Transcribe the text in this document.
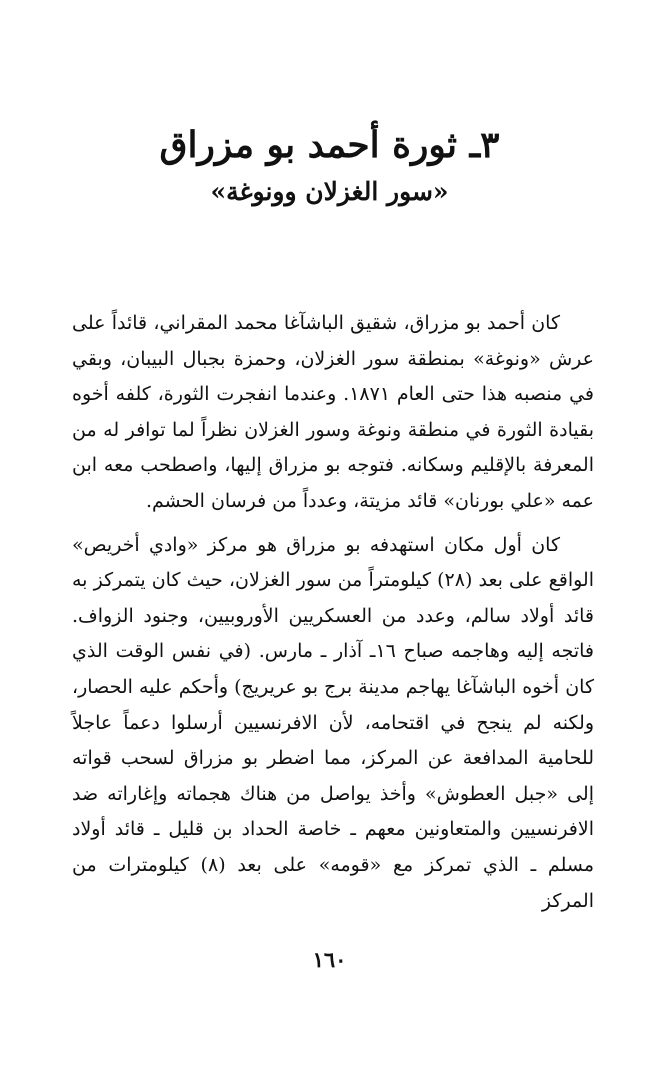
٣ـ ثورة أحمد بو مزراق
«سور الغزلان وونوغة»

كان أحمد بو مزراق، شقيق الباشآغا محمد المقراني، قائداً على عرش «ونوغة» بمنطقة سور الغزلان، وحمزة بجبال البيبان، وبقي في منصبه هذا حتى العام ١٨٧١. وعندما انفجرت الثورة، كلفه أخوه بقيادة الثورة في منطقة ونوغة وسور الغزلان نظراً لما توافر له من المعرفة بالإقليم وسكانه. فتوجه بو مزراق إليها، واصطحب معه ابن عمه «علي بورنان» قائد مزيتة، وعدداً من فرسان الحشم.

كان أول مكان استهدفه بو مزراق هو مركز «وادي أخريص» الواقع على بعد (٢٨) كيلومتراً من سور الغزلان، حيث كان يتمركز به قائد أولاد سالم، وعدد من العسكريين الأوروبيين، وجنود الزواف. فاتجه إليه وهاجمه صباح ١٦ـ آذار ـ مارس. (في نفس الوقت الذي كان أخوه الباشآغا يهاجم مدينة برج بو عريريج) وأحكم عليه الحصار، ولكنه لم ينجح في اقتحامه، لأن الافرنسيين أرسلوا دعماً عاجلاً للحامية المدافعة عن المركز، مما اضطر بو مزراق لسحب قواته إلى «جبل العطوش» وأخذ يواصل من هناك هجماته وإغاراته ضد الافرنسيين والمتعاونين معهم ـ خاصة الحداد بن قليل ـ قائد أولاد مسلم ـ الذي تمركز مع «قومه» على بعد (٨) كيلومترات من المركز

١٦٠
